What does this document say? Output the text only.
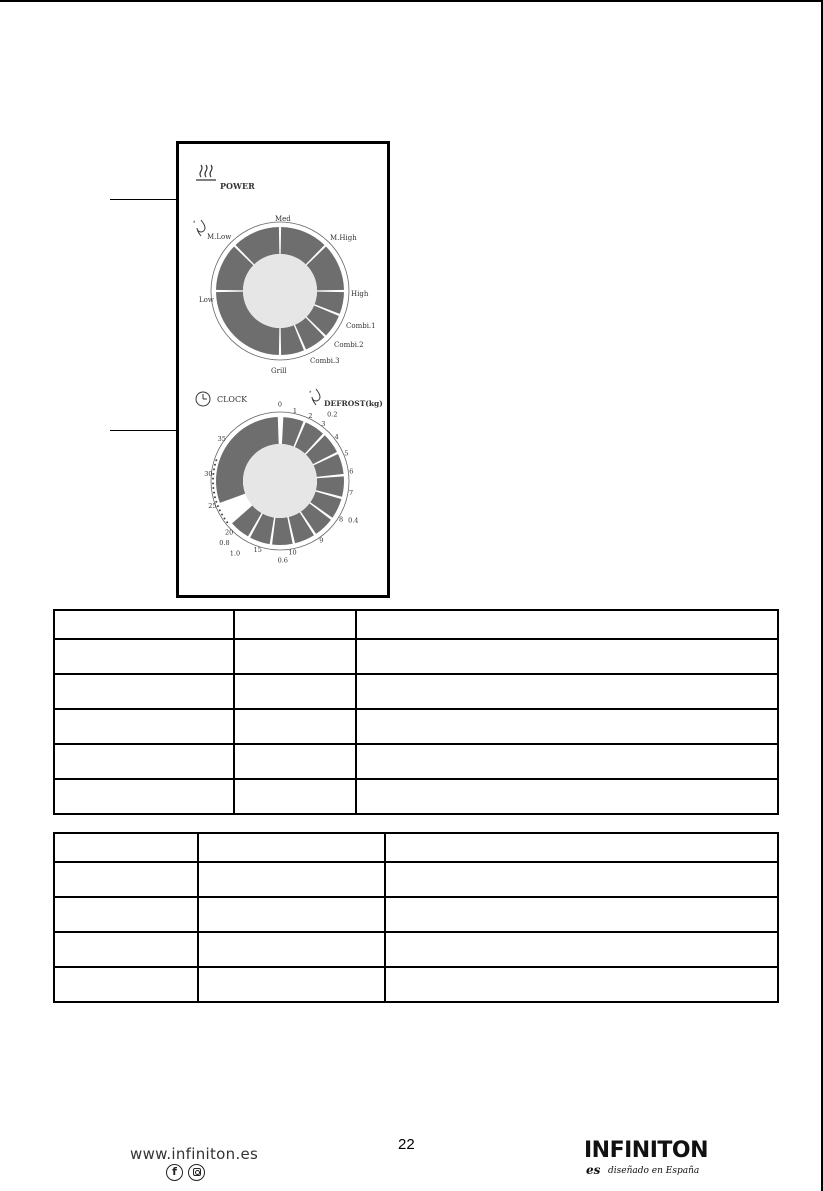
POWER
*
Med
M.High
High
Combi.1
Combi.2
Combi.3
Grill
Low
M.Low
CLOCK
*
DEFROST(kg)
0
1
2
3
4
5
6
7
8
9
10
15
20
25
30
35
0.2
0.4
0.6
0.8
1.0

22
www.infiniton.es
f
INFINITON
es diseñado en España
